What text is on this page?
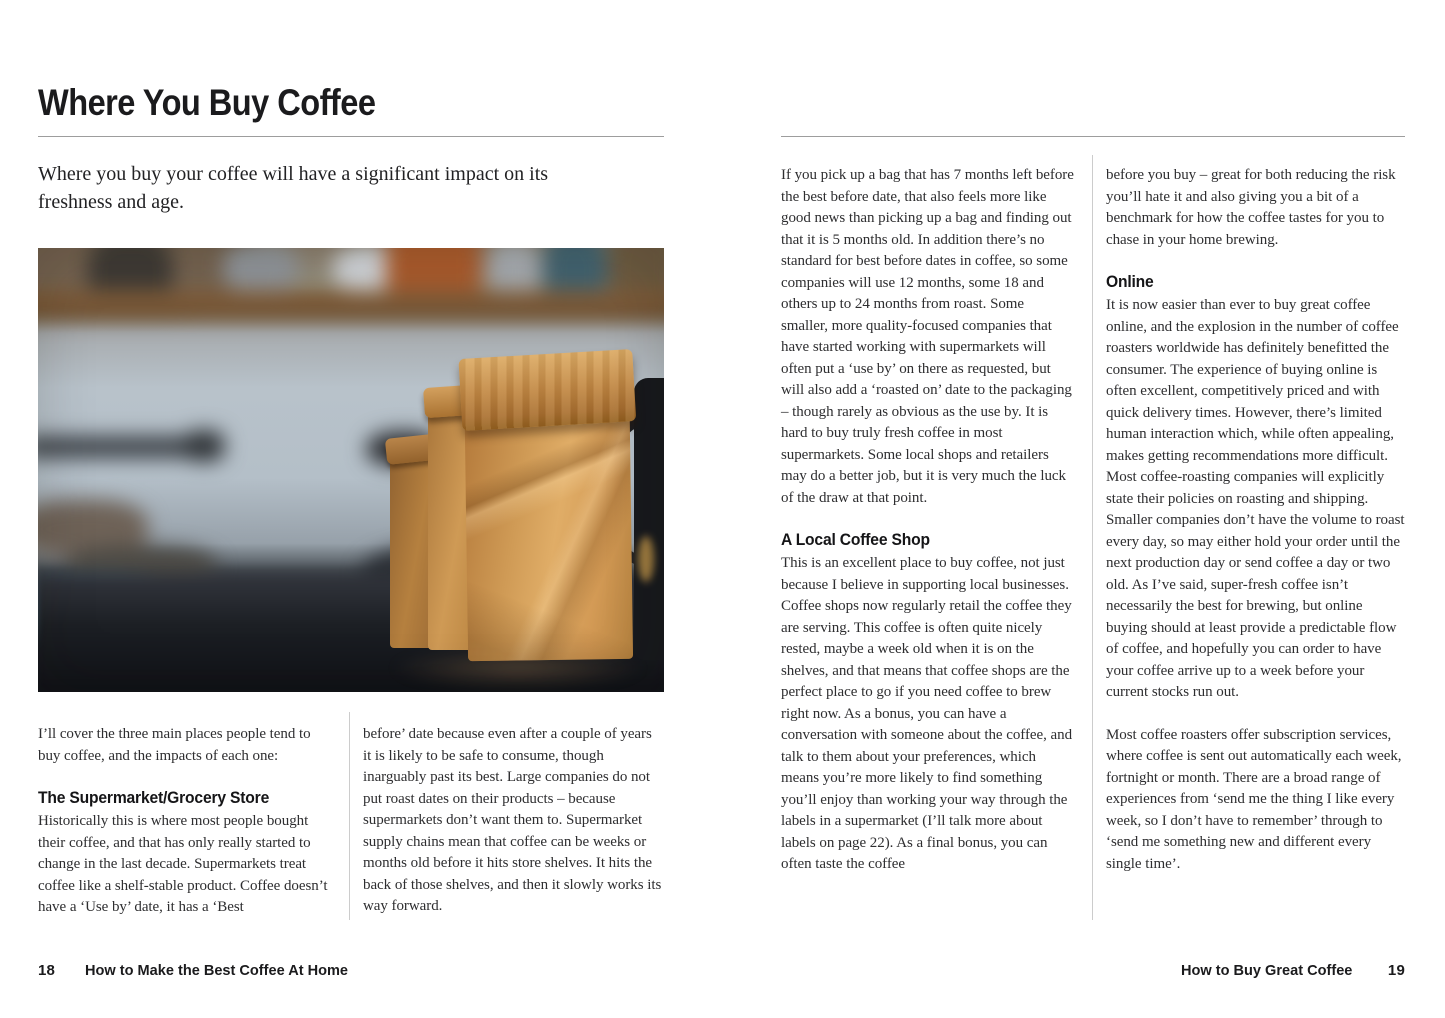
Where You Buy Coffee

Where you buy your coffee will have a significant impact on its freshness and age.

I’ll cover the three main places people tend to buy coffee, and the impacts of each one:

The Supermarket/Grocery Store

Historically this is where most people bought their coffee, and that has only really started to change in the last decade. Supermarkets treat coffee like a shelf-stable product. Coffee doesn’t have a ‘Use by’ date, it has a ‘Best

before’ date because even after a couple of years it is likely to be safe to consume, though inarguably past its best. Large companies do not put roast dates on their products – because supermarkets don’t want them to. Supermarket supply chains mean that coffee can be weeks or months old before it hits store shelves. It hits the back of those shelves, and then it slowly works its way forward.

18 How to Make the Best Coffee At Home

If you pick up a bag that has 7 months left before the best before date, that also feels more like good news than picking up a bag and finding out that it is 5 months old. In addition there’s no standard for best before dates in coffee, so some companies will use 12 months, some 18 and others up to 24 months from roast. Some smaller, more quality-focused companies that have started working with supermarkets will often put a ‘use by’ on there as requested, but will also add a ‘roasted on’ date to the packaging – though rarely as obvious as the use by. It is hard to buy truly fresh coffee in most supermarkets. Some local shops and retailers may do a better job, but it is very much the luck of the draw at that point.

A Local Coffee Shop

This is an excellent place to buy coffee, not just because I believe in supporting local businesses. Coffee shops now regularly retail the coffee they are serving. This coffee is often quite nicely rested, maybe a week old when it is on the shelves, and that means that coffee shops are the perfect place to go if you need coffee to brew right now. As a bonus, you can have a conversation with someone about the coffee, and talk to them about your preferences, which means you’re more likely to find something you’ll enjoy than working your way through the labels in a supermarket (I’ll talk more about labels on page 22). As a final bonus, you can often taste the coffee

before you buy – great for both reducing the risk you’ll hate it and also giving you a bit of a benchmark for how the coffee tastes for you to chase in your home brewing.

Online

It is now easier than ever to buy great coffee online, and the explosion in the number of coffee roasters worldwide has definitely benefitted the consumer. The experience of buying online is often excellent, competitively priced and with quick delivery times. However, there’s limited human interaction which, while often appealing, makes getting recommendations more difficult. Most coffee-roasting companies will explicitly state their policies on roasting and shipping. Smaller companies don’t have the volume to roast every day, so may either hold your order until the next production day or send coffee a day or two old. As I’ve said, super-fresh coffee isn’t necessarily the best for brewing, but online buying should at least provide a predictable flow of coffee, and hopefully you can order to have your coffee arrive up to a week before your current stocks run out.

Most coffee roasters offer subscription services, where coffee is sent out automatically each week, fortnight or month. There are a broad range of experiences from ‘send me the thing I like every week, so I don’t have to remember’ through to ‘send me something new and different every single time’.

How to Buy Great Coffee 19
